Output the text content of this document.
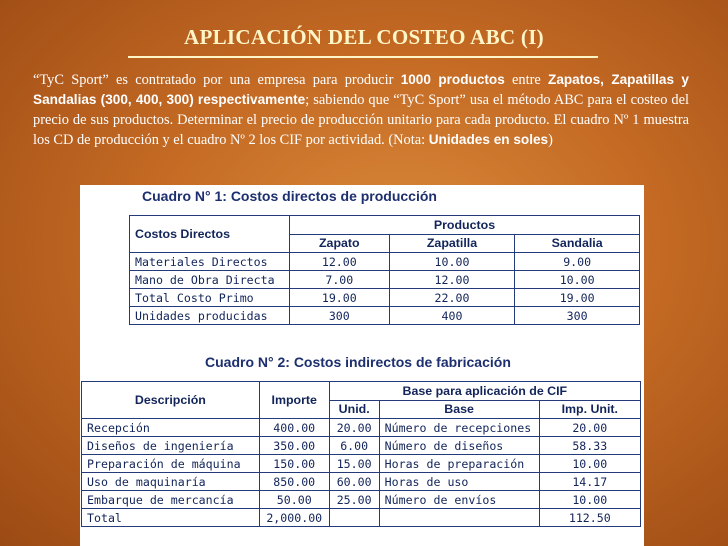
APLICACIÓN DEL COSTEO ABC (I)
“TyC Sport” es contratado por una empresa para producir 1000 productos entre Zapatos, Zapatillas y Sandalias (300, 400, 300) respectivamente; sabiendo que “TyC Sport” usa el método ABC para el costeo del precio de sus productos. Determinar el precio de producción unitario para cada producto. El cuadro Nº 1 muestra los CD de producción y el cuadro Nº 2 los CIF por actividad. (Nota: Unidades en soles)
Cuadro N° 1: Costos directos de producción
Costos Directos	Productos		
	Zapato	Zapatilla	Sandalia
Materiales Directos	12.00	10.00	9.00
Mano de Obra Directa	7.00	12.00	10.00
Total Costo Primo	19.00	22.00	19.00
Unidades producidas	300	400	300
Cuadro N° 2: Costos indirectos de fabricación
Descripción	Importe	Base para aplicación de CIF		
		Unid.	Base	Imp. Unit.
Recepción	400.00	20.00	Número de recepciones	20.00
Diseños de ingeniería	350.00	6.00	Número de diseños	58.33
Preparación de máquina	150.00	15.00	Horas de preparación	10.00
Uso de maquinaría	850.00	60.00	Horas de uso	14.17
Embarque de mercancía	50.00	25.00	Número de envíos	10.00
Total	2,000.00			112.50
